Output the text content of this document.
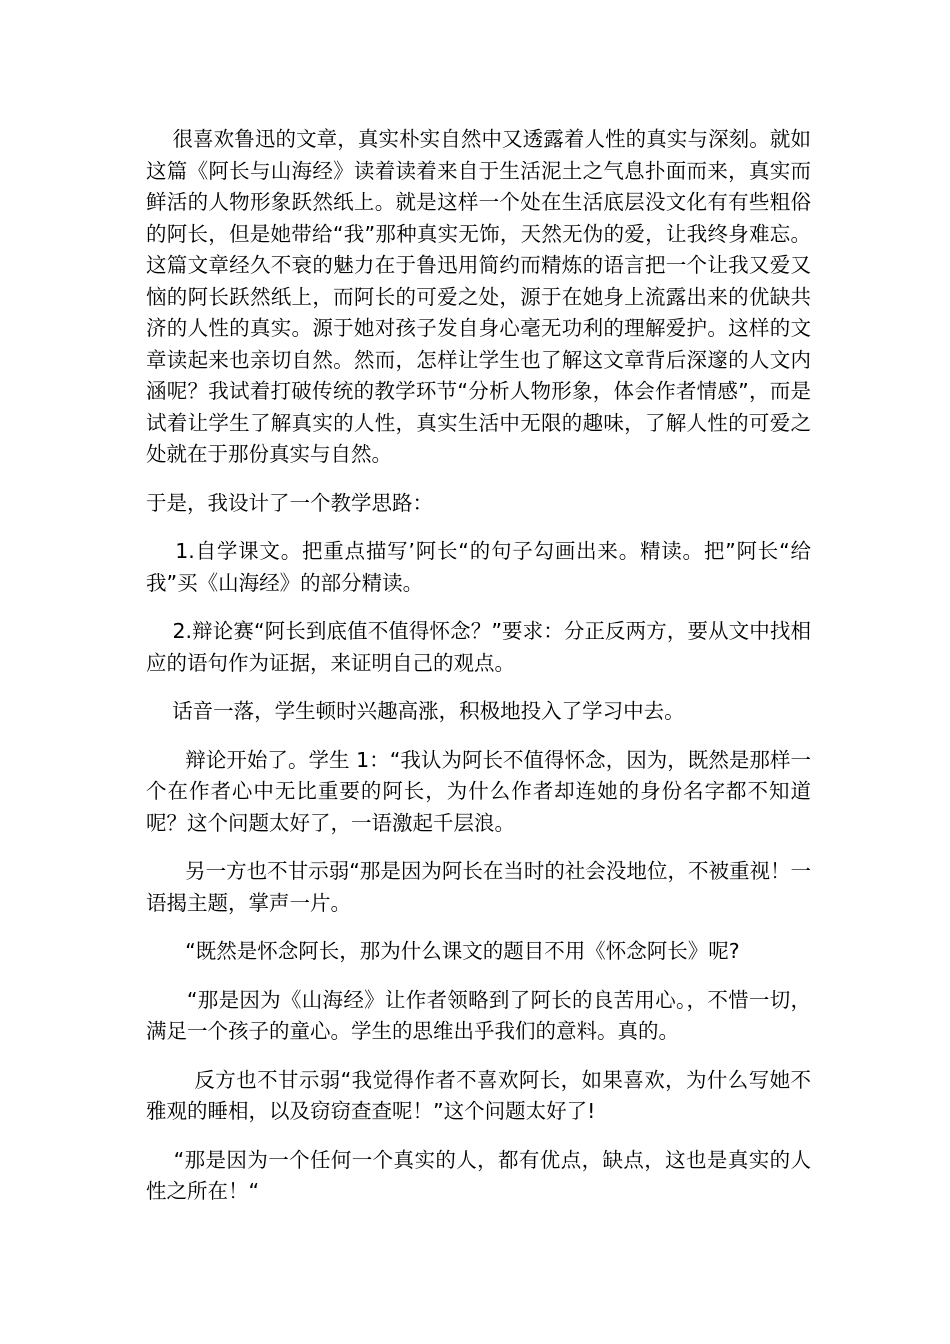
很喜欢鲁迅的文章，真实朴实自然中又透露着人性的真实与深刻。就如这篇《阿长与山海经》读着读着来自于生活泥土之气息扑面而来，真实而鲜活的人物形象跃然纸上。就是这样一个处在生活底层没文化有有些粗俗的阿长，但是她带给“我”那种真实无饰，天然无伪的爱，让我终身难忘。这篇文章经久不衰的魅力在于鲁迅用简约而精炼的语言把一个让我又爱又恼的阿长跃然纸上，而阿长的可爱之处，源于在她身上流露出来的优缺共济的人性的真实。源于她对孩子发自身心毫无功利的理解爱护。这样的文章读起来也亲切自然。然而，怎样让学生也了解这文章背后深邃的人文内涵呢？我试着打破传统的教学环节“分析人物形象，体会作者情感”，而是试着让学生了解真实的人性，真实生活中无限的趣味，了解人性的可爱之处就在于那份真实与自然。

于是，我设计了一个教学思路：

1.自学课文。把重点描写’阿长“的句子勾画出来。精读。把”阿长“给我”买《山海经》的部分精读。

2.辩论赛“阿长到底值不值得怀念？”要求：分正反两方，要从文中找相应的语句作为证据，来证明自己的观点。

话音一落，学生顿时兴趣高涨，积极地投入了学习中去。

辩论开始了。学生 1：“我认为阿长不值得怀念，因为，既然是那样一个在作者心中无比重要的阿长，为什么作者却连她的身份名字都不知道呢？这个问题太好了，一语激起千层浪。

另一方也不甘示弱“那是因为阿长在当时的社会没地位，不被重视！一语揭主题，掌声一片。

“既然是怀念阿长，那为什么课文的题目不用《怀念阿长》呢?

“那是因为《山海经》让作者领略到了阿长的良苦用心。，不惜一切，满足一个孩子的童心。学生的思维出乎我们的意料。真的。

反方也不甘示弱“我觉得作者不喜欢阿长，如果喜欢，为什么写她不雅观的睡相，以及窃窃查查呢！”这个问题太好了!

“那是因为一个任何一个真实的人，都有优点，缺点，这也是真实的人性之所在！“
